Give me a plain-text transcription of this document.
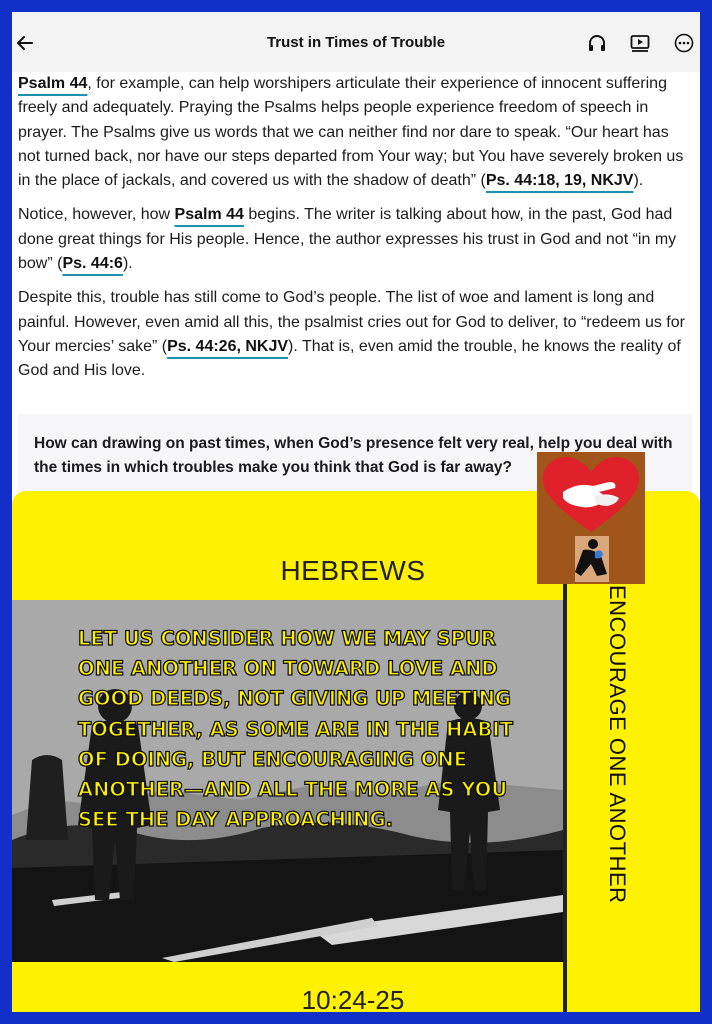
Trust in Times of Trouble

Psalm 44, for example, can help worshipers articulate their experience of innocent suffering freely and adequately. Praying the Psalms helps people experience freedom of speech in prayer. The Psalms give us words that we can neither find nor dare to speak. “Our heart has not turned back, nor have our steps departed from Your way; but You have severely broken us in the place of jackals, and covered us with the shadow of death” (Ps. 44:18, 19, NKJV).

Notice, however, how Psalm 44 begins. The writer is talking about how, in the past, God had done great things for His people. Hence, the author expresses his trust in God and not “in my bow” (Ps. 44:6).

Despite this, trouble has still come to God’s people. The list of woe and lament is long and painful. However, even amid all this, the psalmist cries out for God to deliver, to “redeem us for Your mercies’ sake” (Ps. 44:26, NKJV). That is, even amid the trouble, he knows the reality of God and His love.

How can drawing on past times, when God’s presence felt very real, help you deal with the times in which troubles make you think that God is far away?
HEBREWS
LET US CONSIDER HOW WE MAY SPUR ONE ANOTHER ON TOWARD LOVE AND GOOD DEEDS, NOT GIVING UP MEETING TOGETHER, AS SOME ARE IN THE HABIT OF DOING, BUT ENCOURAGING ONE ANOTHER—AND ALL THE MORE AS YOU SEE THE DAY APPROACHING.	ENCOURAGE ONE ANOTHER
10:24-25
